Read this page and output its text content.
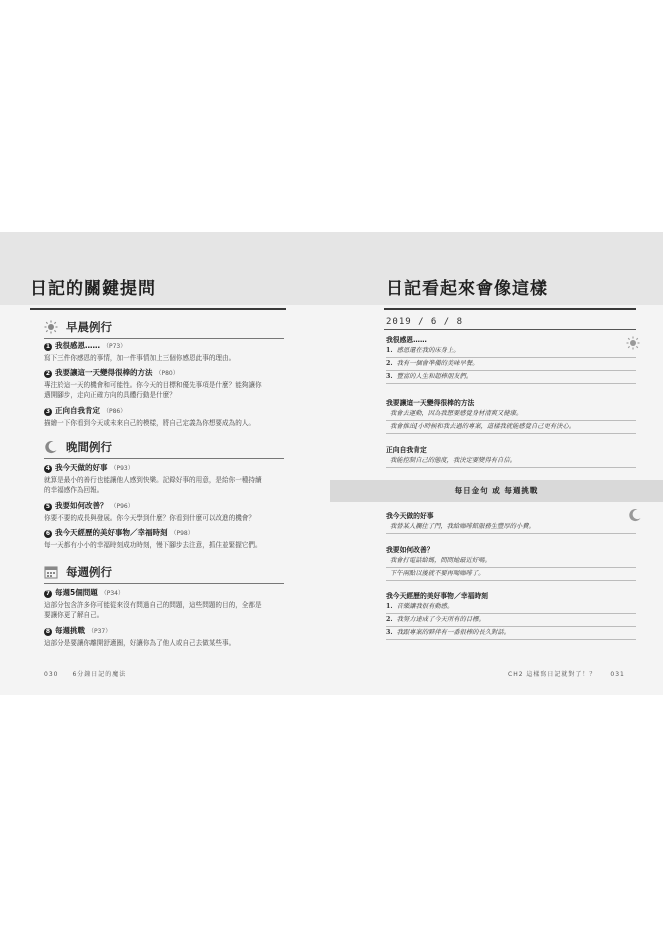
日記的關鍵提問
早晨例行
1 我很感恩…… （P73）
寫下三件你感恩的事情，加一件事情加上三個你感恩此事的理由。
2 我要讓這一天變得很棒的方法 （P80）
專注於這一天的機會和可能性。你今天的目標和優先事項是什麼？能夠讓你
邁開腳步，走向正確方向的具體行動是什麼？
3 正向自我肯定 （P86）
描繪一下你看到今天或未來自己的模樣，將自己定義為你想要成為的人。
晚間例行
4 我今天做的好事 （P93）
就算是最小的善行也能讓他人感到快樂。記錄好事的用意，是給你一種持續
的幸福感作為回報。
5 我要如何改善？ （P96）
你要不要的成長與發展。你今天學到什麼？你看到什麼可以改進的機會？
6 我今天經歷的美好事物／幸福時刻 （P98）
每一天都有小小的幸福時刻成功時刻，慢下腳步去注意，抓住並緊握它們。
每週例行
7 每週5個問題 （P34）
這部分包含許多你可能從來沒有問過自己的問題，這些問題的目的，全都是
要讓你更了解自己。
8 每週挑戰 （P37）
這部分是要讓你離開舒適圈，好讓你為了他人或自己去做某些事。
030　　6分鐘日記的魔法
日記看起來會像這樣
2019 / 6 / 8
我很感恩……
1. 感恩還在我的床身上。
2. 我有一個會準備的美味早餐。
3. 豐富的人生和超棒朋友們。
我要讓這一天變得很棒的方法
我會去運動，因為我想要感覺身材清爽又健康。
我會推出[小時候和我去過的專案，這樣我就能感覺自己更有決心。
正向自我肯定
我能控制自己的態度，我決定要變得有自信。
每日金句 或 每週挑戰
我今天做的好事
我替某人攔住了門，我給咖啡館服務生豐厚的小費。
我要如何改善？
我會打電話給媽，問問她最近好嗎。
下午兩點以後就不要再喝咖啡了。
我今天經歷的美好事物／幸福時刻
1. 音樂讓我很有動感。
2. 我努力達成了今天所有的目標。
3. 我跟專案的夥伴有一番很棒的長久對話。
CH2 這樣寫日記就對了！？　　031
